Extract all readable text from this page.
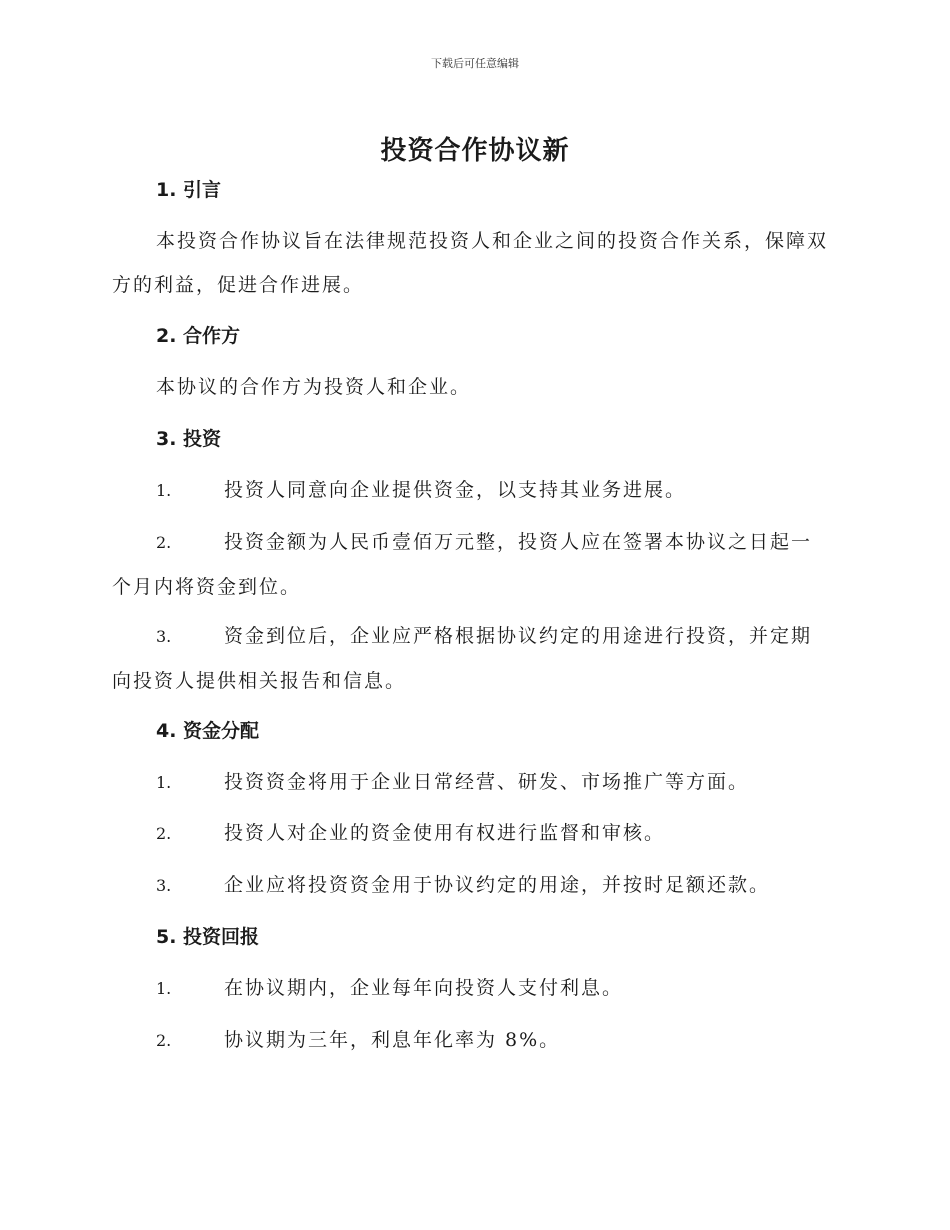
下载后可任意编辑
投资合作协议新
1. 引言
本投资合作协议旨在法律规范投资人和企业之间的投资合作关系，保障双方的利益，促进合作进展。
2. 合作方
本协议的合作方为投资人和企业。
3. 投资
1.	投资人同意向企业提供资金，以支持其业务进展。
2.	投资金额为人民币壹佰万元整，投资人应在签署本协议之日起一个月内将资金到位。
3.	资金到位后，企业应严格根据协议约定的用途进行投资，并定期向投资人提供相关报告和信息。
4. 资金分配
1.	投资资金将用于企业日常经营、研发、市场推广等方面。
2.	投资人对企业的资金使用有权进行监督和审核。
3.	企业应将投资资金用于协议约定的用途，并按时足额还款。
5. 投资回报
1.	在协议期内，企业每年向投资人支付利息。
2.	协议期为三年，利息年化率为 8%。
